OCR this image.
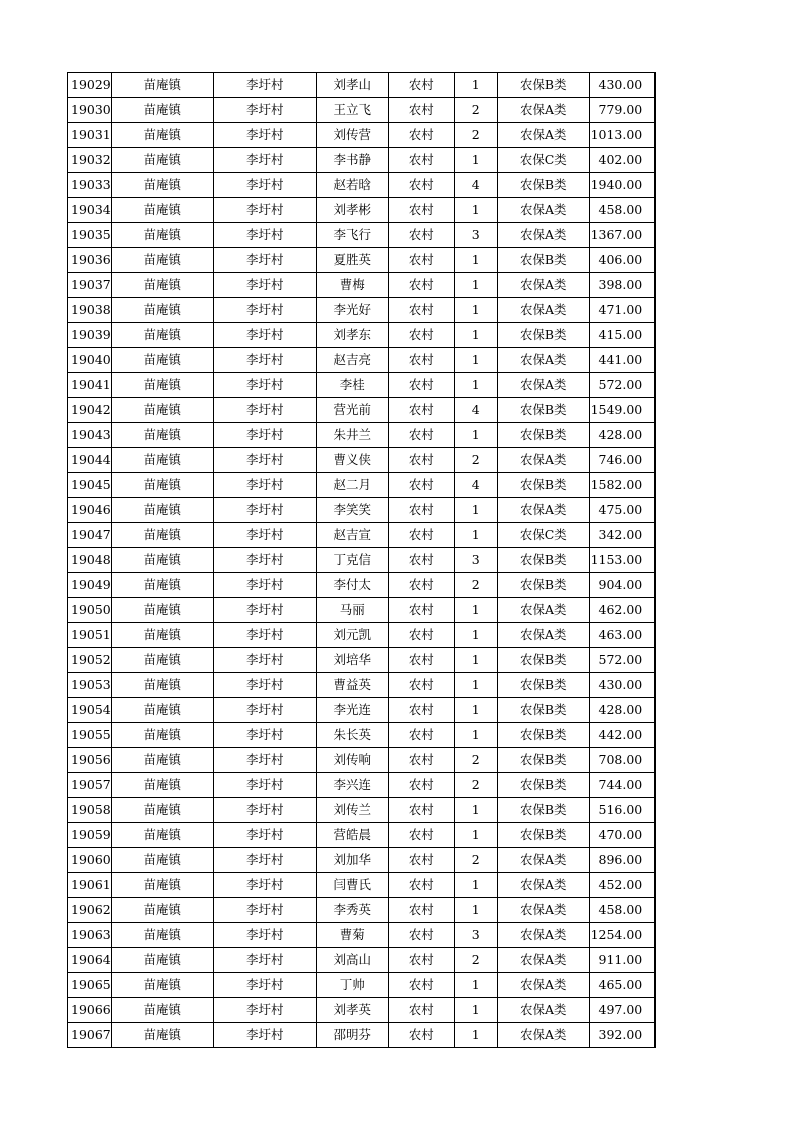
19029	苗庵镇	李圩村	刘孝山	农村	1	农保B类	430.00
19030	苗庵镇	李圩村	王立飞	农村	2	农保A类	779.00
19031	苗庵镇	李圩村	刘传营	农村	2	农保A类	1013.00
19032	苗庵镇	李圩村	李书静	农村	1	农保C类	402.00
19033	苗庵镇	李圩村	赵若晗	农村	4	农保B类	1940.00
19034	苗庵镇	李圩村	刘孝彬	农村	1	农保A类	458.00
19035	苗庵镇	李圩村	李飞行	农村	3	农保A类	1367.00
19036	苗庵镇	李圩村	夏胜英	农村	1	农保B类	406.00
19037	苗庵镇	李圩村	曹梅	农村	1	农保A类	398.00
19038	苗庵镇	李圩村	李光好	农村	1	农保A类	471.00
19039	苗庵镇	李圩村	刘孝东	农村	1	农保B类	415.00
19040	苗庵镇	李圩村	赵吉亮	农村	1	农保A类	441.00
19041	苗庵镇	李圩村	李桂	农村	1	农保A类	572.00
19042	苗庵镇	李圩村	营光前	农村	4	农保B类	1549.00
19043	苗庵镇	李圩村	朱井兰	农村	1	农保B类	428.00
19044	苗庵镇	李圩村	曹义侠	农村	2	农保A类	746.00
19045	苗庵镇	李圩村	赵二月	农村	4	农保B类	1582.00
19046	苗庵镇	李圩村	李笑笑	农村	1	农保A类	475.00
19047	苗庵镇	李圩村	赵吉宣	农村	1	农保C类	342.00
19048	苗庵镇	李圩村	丁克信	农村	3	农保B类	1153.00
19049	苗庵镇	李圩村	李付太	农村	2	农保B类	904.00
19050	苗庵镇	李圩村	马丽	农村	1	农保A类	462.00
19051	苗庵镇	李圩村	刘元凯	农村	1	农保A类	463.00
19052	苗庵镇	李圩村	刘培华	农村	1	农保B类	572.00
19053	苗庵镇	李圩村	曹益英	农村	1	农保B类	430.00
19054	苗庵镇	李圩村	李光连	农村	1	农保B类	428.00
19055	苗庵镇	李圩村	朱长英	农村	1	农保B类	442.00
19056	苗庵镇	李圩村	刘传响	农村	2	农保B类	708.00
19057	苗庵镇	李圩村	李兴连	农村	2	农保B类	744.00
19058	苗庵镇	李圩村	刘传兰	农村	1	农保B类	516.00
19059	苗庵镇	李圩村	营皓晨	农村	1	农保B类	470.00
19060	苗庵镇	李圩村	刘加华	农村	2	农保A类	896.00
19061	苗庵镇	李圩村	闫曹氏	农村	1	农保A类	452.00
19062	苗庵镇	李圩村	李秀英	农村	1	农保A类	458.00
19063	苗庵镇	李圩村	曹菊	农村	3	农保A类	1254.00
19064	苗庵镇	李圩村	刘高山	农村	2	农保A类	911.00
19065	苗庵镇	李圩村	丁帅	农村	1	农保A类	465.00
19066	苗庵镇	李圩村	刘孝英	农村	1	农保A类	497.00
19067	苗庵镇	李圩村	邵明芬	农村	1	农保A类	392.00
